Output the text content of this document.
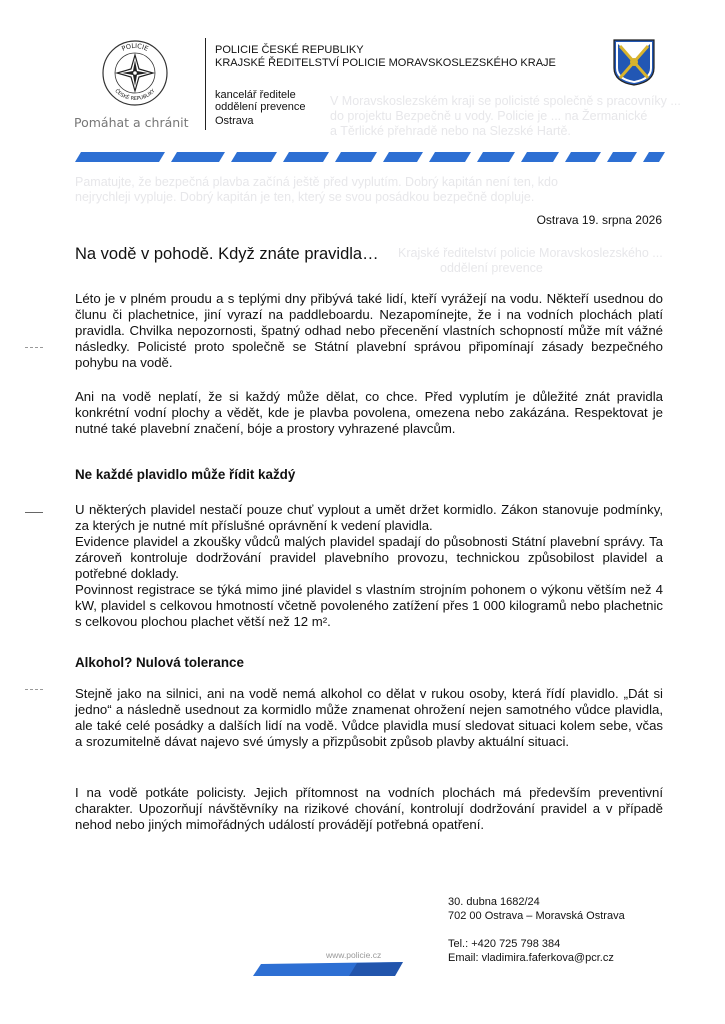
POLICIE
ČESKÉ REPUBLIKY
Pomáhat a chránit
POLICIE ČESKÉ REPUBLIKY
KRAJSKÉ ŘEDITELSTVÍ POLICIE MORAVSKOSLEZSKÉHO KRAJE
kancelář ředitele
oddělení prevence
Ostrava
V Moravskoslezském kraji se policisté společně s pracovníky ...
do projektu Bezpečně u vody. Policie je ... na Žermanické
a Těrlické přehradě nebo na Slezské Hartě.
Pamatujte, že bezpečná plavba začíná ještě před vyplutím. Dobrý kapitán není ten, kdo
nejrychleji vypluje. Dobrý kapitán je ten, který se svou posádkou bezpečně dopluje.
Krajské ředitelství policie Moravskoslezského ...
oddělení prevence
Ostrava 19. srpna 2026
Na vodě v pohodě. Když znáte pravidla…

Léto je v plném proudu a s teplými dny přibývá také lidí, kteří vyrážejí na vodu. Někteří usednou do člunu či plachetnice, jiní vyrazí na paddleboardu. Nezapomínejte, že i na vodních plochách platí pravidla. Chvilka nepozornosti, špatný odhad nebo přecenění vlastních schopností může mít vážné následky. Policisté proto společně se Státní plavební správou připomínají zásady bezpečného pohybu na vodě.

Ani na vodě neplatí, že si každý může dělat, co chce. Před vyplutím je důležité znát pravidla konkrétní vodní plochy a vědět, kde je plavba povolena, omezena nebo zakázána. Respektovat je nutné také plavební značení, bóje a prostory vyhrazené plavcům.

Ne každé plavidlo může řídit každý

U některých plavidel nestačí pouze chuť vyplout a umět držet kormidlo. Zákon stanovuje podmínky, za kterých je nutné mít příslušné oprávnění k vedení plavidla.

Evidence plavidel a zkoušky vůdců malých plavidel spadají do působnosti Státní plavební správy. Ta zároveň kontroluje dodržování pravidel plavebního provozu, technickou způsobilost plavidel a potřebné doklady.

Povinnost registrace se týká mimo jiné plavidel s vlastním strojním pohonem o výkonu větším než 4 kW, plavidel s celkovou hmotností včetně povoleného zatížení přes 1 000 kilogramů nebo plachetnic s celkovou plochou plachet větší než 12 m².

Alkohol? Nulová tolerance

Stejně jako na silnici, ani na vodě nemá alkohol co dělat v rukou osoby, která řídí plavidlo. „Dát si jedno“ a následně usednout za kormidlo může znamenat ohrožení nejen samotného vůdce plavidla, ale také celé posádky a dalších lidí na vodě. Vůdce plavidla musí sledovat situaci kolem sebe, včas a srozumitelně dávat najevo své úmysly a přizpůsobit způsob plavby aktuální situaci.

I na vodě potkáte policisty. Jejich přítomnost na vodních plochách má především preventivní charakter. Upozorňují návštěvníky na rizikové chování, kontrolují dodržování pravidel a v případě nehod nebo jiných mimořádných událostí provádějí potřebná opatření.

30. dubna 1682/24
702 00 Ostrava – Moravská Ostrava
Tel.: +420 725 798 384
Email: vladimira.faferkova@pcr.cz
www.policie.cz
